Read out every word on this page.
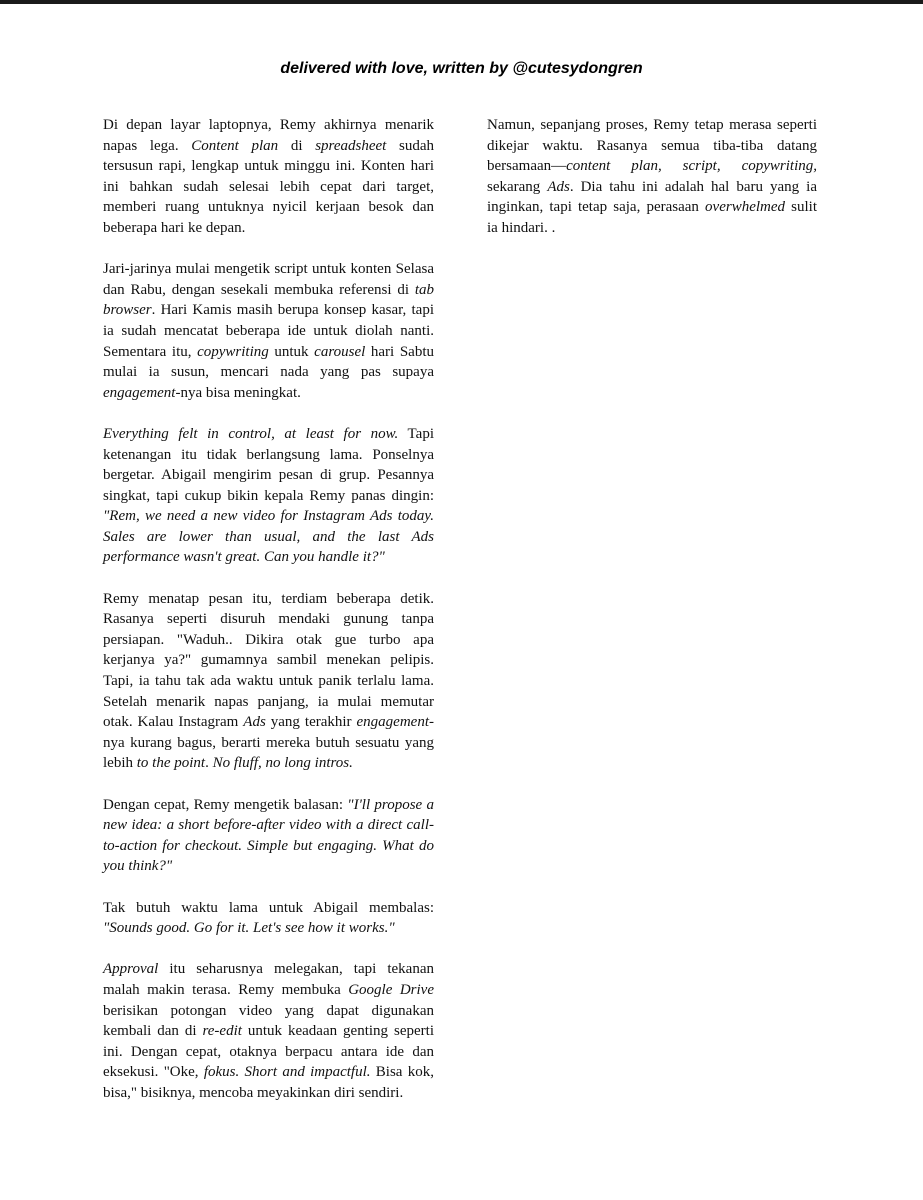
delivered with love, written by @cutesydongren

Di depan layar laptopnya, Remy akhirnya menarik napas lega. Content plan di spreadsheet sudah tersusun rapi, lengkap untuk minggu ini. Konten hari ini bahkan sudah selesai lebih cepat dari target, memberi ruang untuknya nyicil kerjaan besok dan beberapa hari ke depan.

Jari-jarinya mulai mengetik script untuk konten Selasa dan Rabu, dengan sesekali membuka referensi di tab browser. Hari Kamis masih berupa konsep kasar, tapi ia sudah mencatat beberapa ide untuk diolah nanti. Sementara itu, copywriting untuk carousel hari Sabtu mulai ia susun, mencari nada yang pas supaya engagement-nya bisa meningkat.

Everything felt in control, at least for now. Tapi ketenangan itu tidak berlangsung lama. Ponselnya bergetar. Abigail mengirim pesan di grup. Pesannya singkat, tapi cukup bikin kepala Remy panas dingin: "Rem, we need a new video for Instagram Ads today. Sales are lower than usual, and the last Ads performance wasn't great. Can you handle it?"

Remy menatap pesan itu, terdiam beberapa detik. Rasanya seperti disuruh mendaki gunung tanpa persiapan. "Waduh.. Dikira otak gue turbo apa kerjanya ya?" gumamnya sambil menekan pelipis. Tapi, ia tahu tak ada waktu untuk panik terlalu lama. Setelah menarik napas panjang, ia mulai memutar otak. Kalau Instagram Ads yang terakhir engagement-nya kurang bagus, berarti mereka butuh sesuatu yang lebih to the point. No fluff, no long intros.

Dengan cepat, Remy mengetik balasan: "I'll propose a new idea: a short before-after video with a direct call-to-action for checkout. Simple but engaging. What do you think?"

Tak butuh waktu lama untuk Abigail membalas: "Sounds good. Go for it. Let's see how it works."

Approval itu seharusnya melegakan, tapi tekanan malah makin terasa. Remy membuka Google Drive berisikan potongan video yang dapat digunakan kembali dan di re-edit untuk keadaan genting seperti ini. Dengan cepat, otaknya berpacu antara ide dan eksekusi. "Oke, fokus. Short and impactful. Bisa kok, bisa," bisiknya, mencoba meyakinkan diri sendiri.

Namun, sepanjang proses, Remy tetap merasa seperti dikejar waktu. Rasanya semua tiba-tiba datang bersamaan—content plan, script, copywriting, sekarang Ads. Dia tahu ini adalah hal baru yang ia inginkan, tapi tetap saja, perasaan overwhelmed sulit ia hindari. .
